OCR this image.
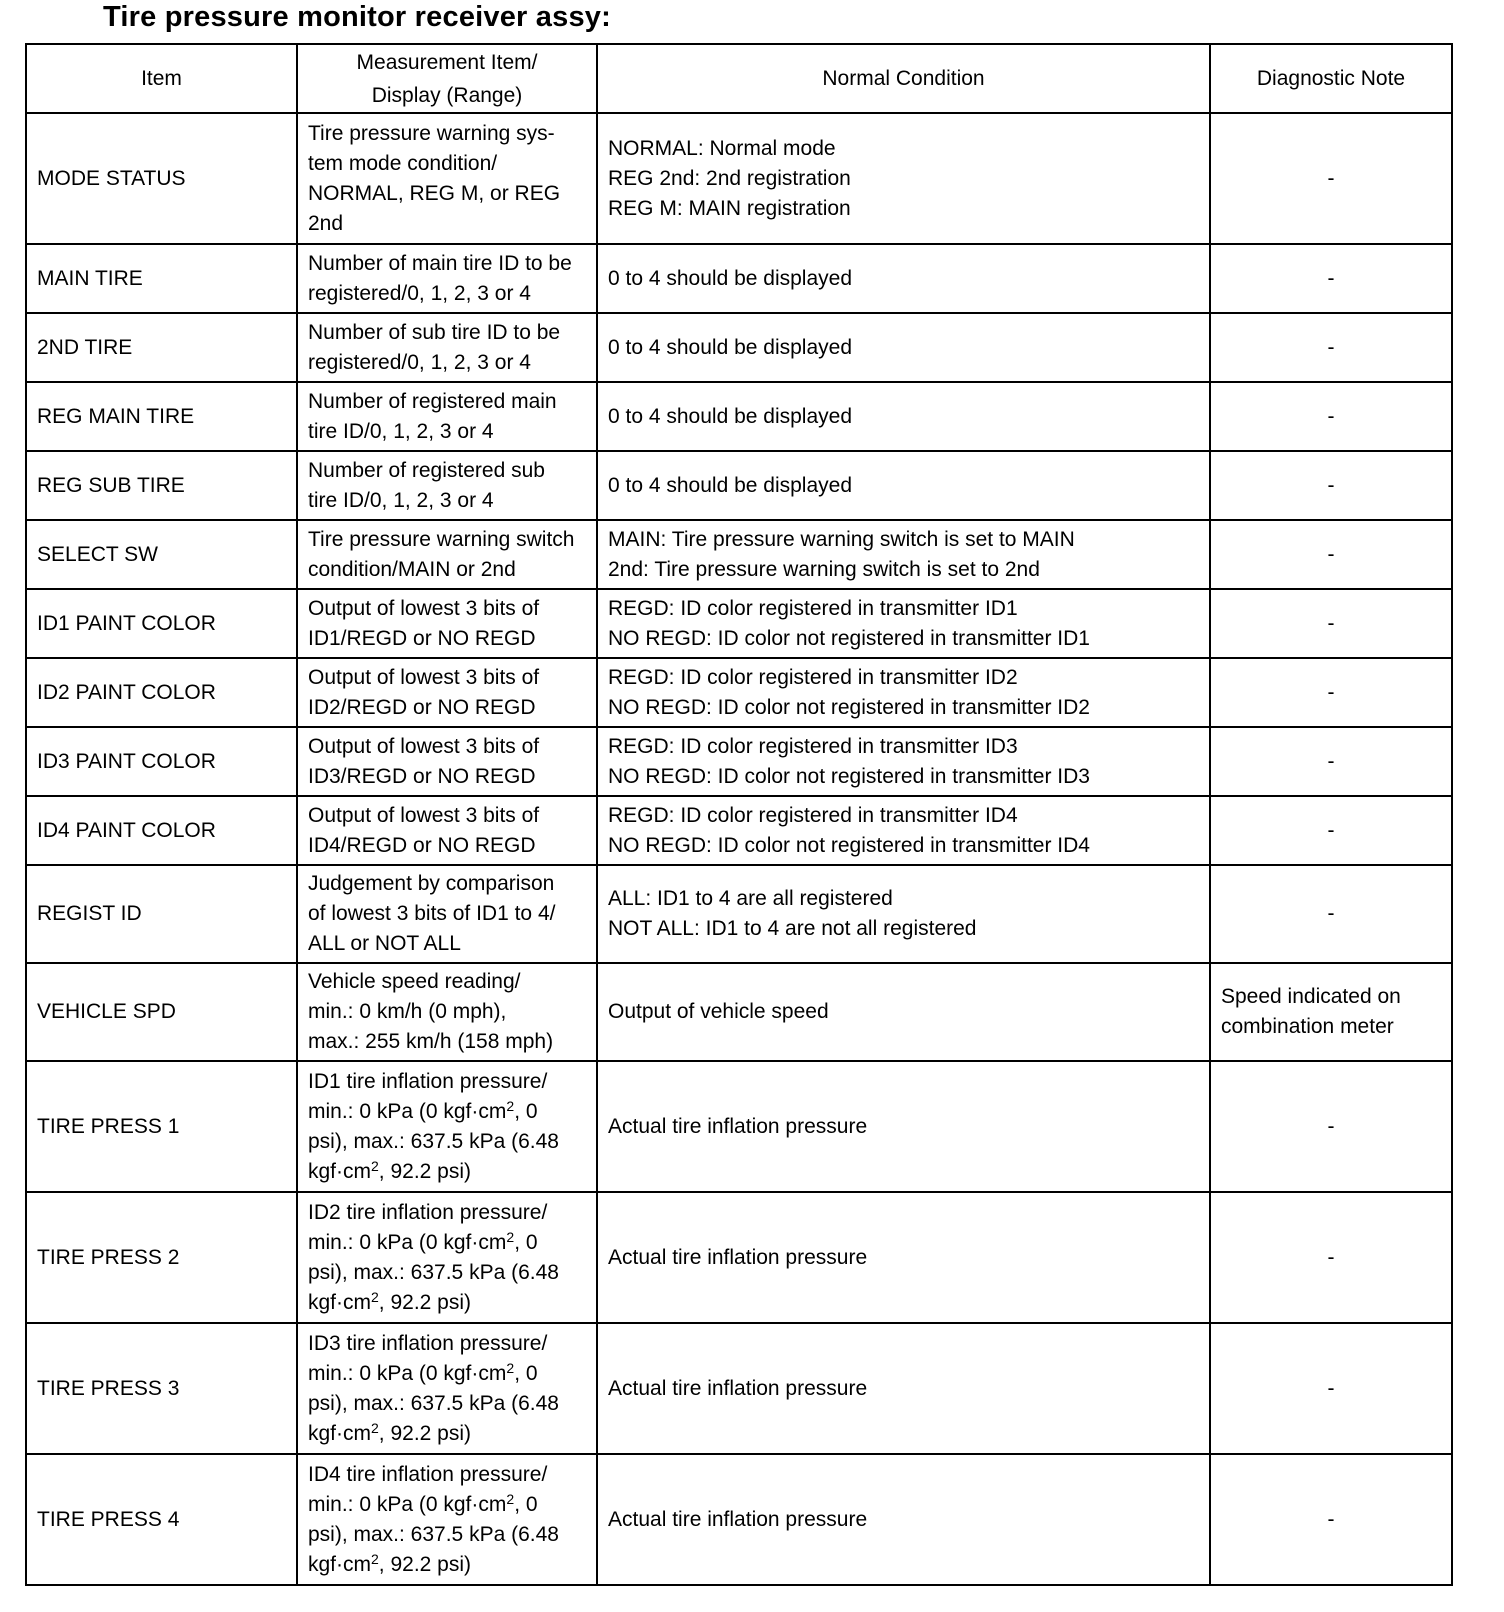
Tire pressure monitor receiver assy:
Item	Measurement Item/
Display (Range)	Normal Condition	Diagnostic Note
MODE STATUS	Tire pressure warning sys-
tem mode condition/
NORMAL, REG M, or REG
2nd	NORMAL: Normal mode
REG 2nd: 2nd registration
REG M: MAIN registration	-
MAIN TIRE	Number of main tire ID to be
registered/0, 1, 2, 3 or 4	0 to 4 should be displayed	-
2ND TIRE	Number of sub tire ID to be
registered/0, 1, 2, 3 or 4	0 to 4 should be displayed	-
REG MAIN TIRE	Number of registered main
tire ID/0, 1, 2, 3 or 4	0 to 4 should be displayed	-
REG SUB TIRE	Number of registered sub
tire ID/0, 1, 2, 3 or 4	0 to 4 should be displayed	-
SELECT SW	Tire pressure warning switch
condition/MAIN or 2nd	MAIN: Tire pressure warning switch is set to MAIN
2nd: Tire pressure warning switch is set to 2nd	-
ID1 PAINT COLOR	Output of lowest 3 bits of
ID1/REGD or NO REGD	REGD: ID color registered in transmitter ID1
NO REGD: ID color not registered in transmitter ID1	-
ID2 PAINT COLOR	Output of lowest 3 bits of
ID2/REGD or NO REGD	REGD: ID color registered in transmitter ID2
NO REGD: ID color not registered in transmitter ID2	-
ID3 PAINT COLOR	Output of lowest 3 bits of
ID3/REGD or NO REGD	REGD: ID color registered in transmitter ID3
NO REGD: ID color not registered in transmitter ID3	-
ID4 PAINT COLOR	Output of lowest 3 bits of
ID4/REGD or NO REGD	REGD: ID color registered in transmitter ID4
NO REGD: ID color not registered in transmitter ID4	-
REGIST ID	Judgement by comparison
of lowest 3 bits of ID1 to 4/
ALL or NOT ALL	ALL: ID1 to 4 are all registered
NOT ALL: ID1 to 4 are not all registered	-
VEHICLE SPD	Vehicle speed reading/
min.: 0 km/h (0 mph),
max.: 255 km/h (158 mph)	Output of vehicle speed	Speed indicated on
combination meter

TIRE PRESS 1	ID1 tire inflation pressure/
min.: 0 kPa (0 $kgf\cdot cm^2$, 0
psi), max.: 637.5 kPa (6.48
$kgf\cdot cm^2$, 92.2 psi)	Actual tire inflation pressure	-
TIRE PRESS 2	ID2 tire inflation pressure/
min.: 0 kPa (0 $kgf\cdot cm^2$, 0
psi), max.: 637.5 kPa (6.48
$kgf\cdot cm^2$, 92.2 psi)	Actual tire inflation pressure	-
TIRE PRESS 3	ID3 tire inflation pressure/
min.: 0 kPa (0 $kgf\cdot cm^2$, 0
psi), max.: 637.5 kPa (6.48
$kgf\cdot cm^2$, 92.2 psi)	Actual tire inflation pressure	-
TIRE PRESS 4	ID4 tire inflation pressure/
min.: 0 kPa (0 $kgf\cdot cm^2$, 0
psi), max.: 637.5 kPa (6.48
$kgf\cdot cm^2$, 92.2 psi)	Actual tire inflation pressure	-
